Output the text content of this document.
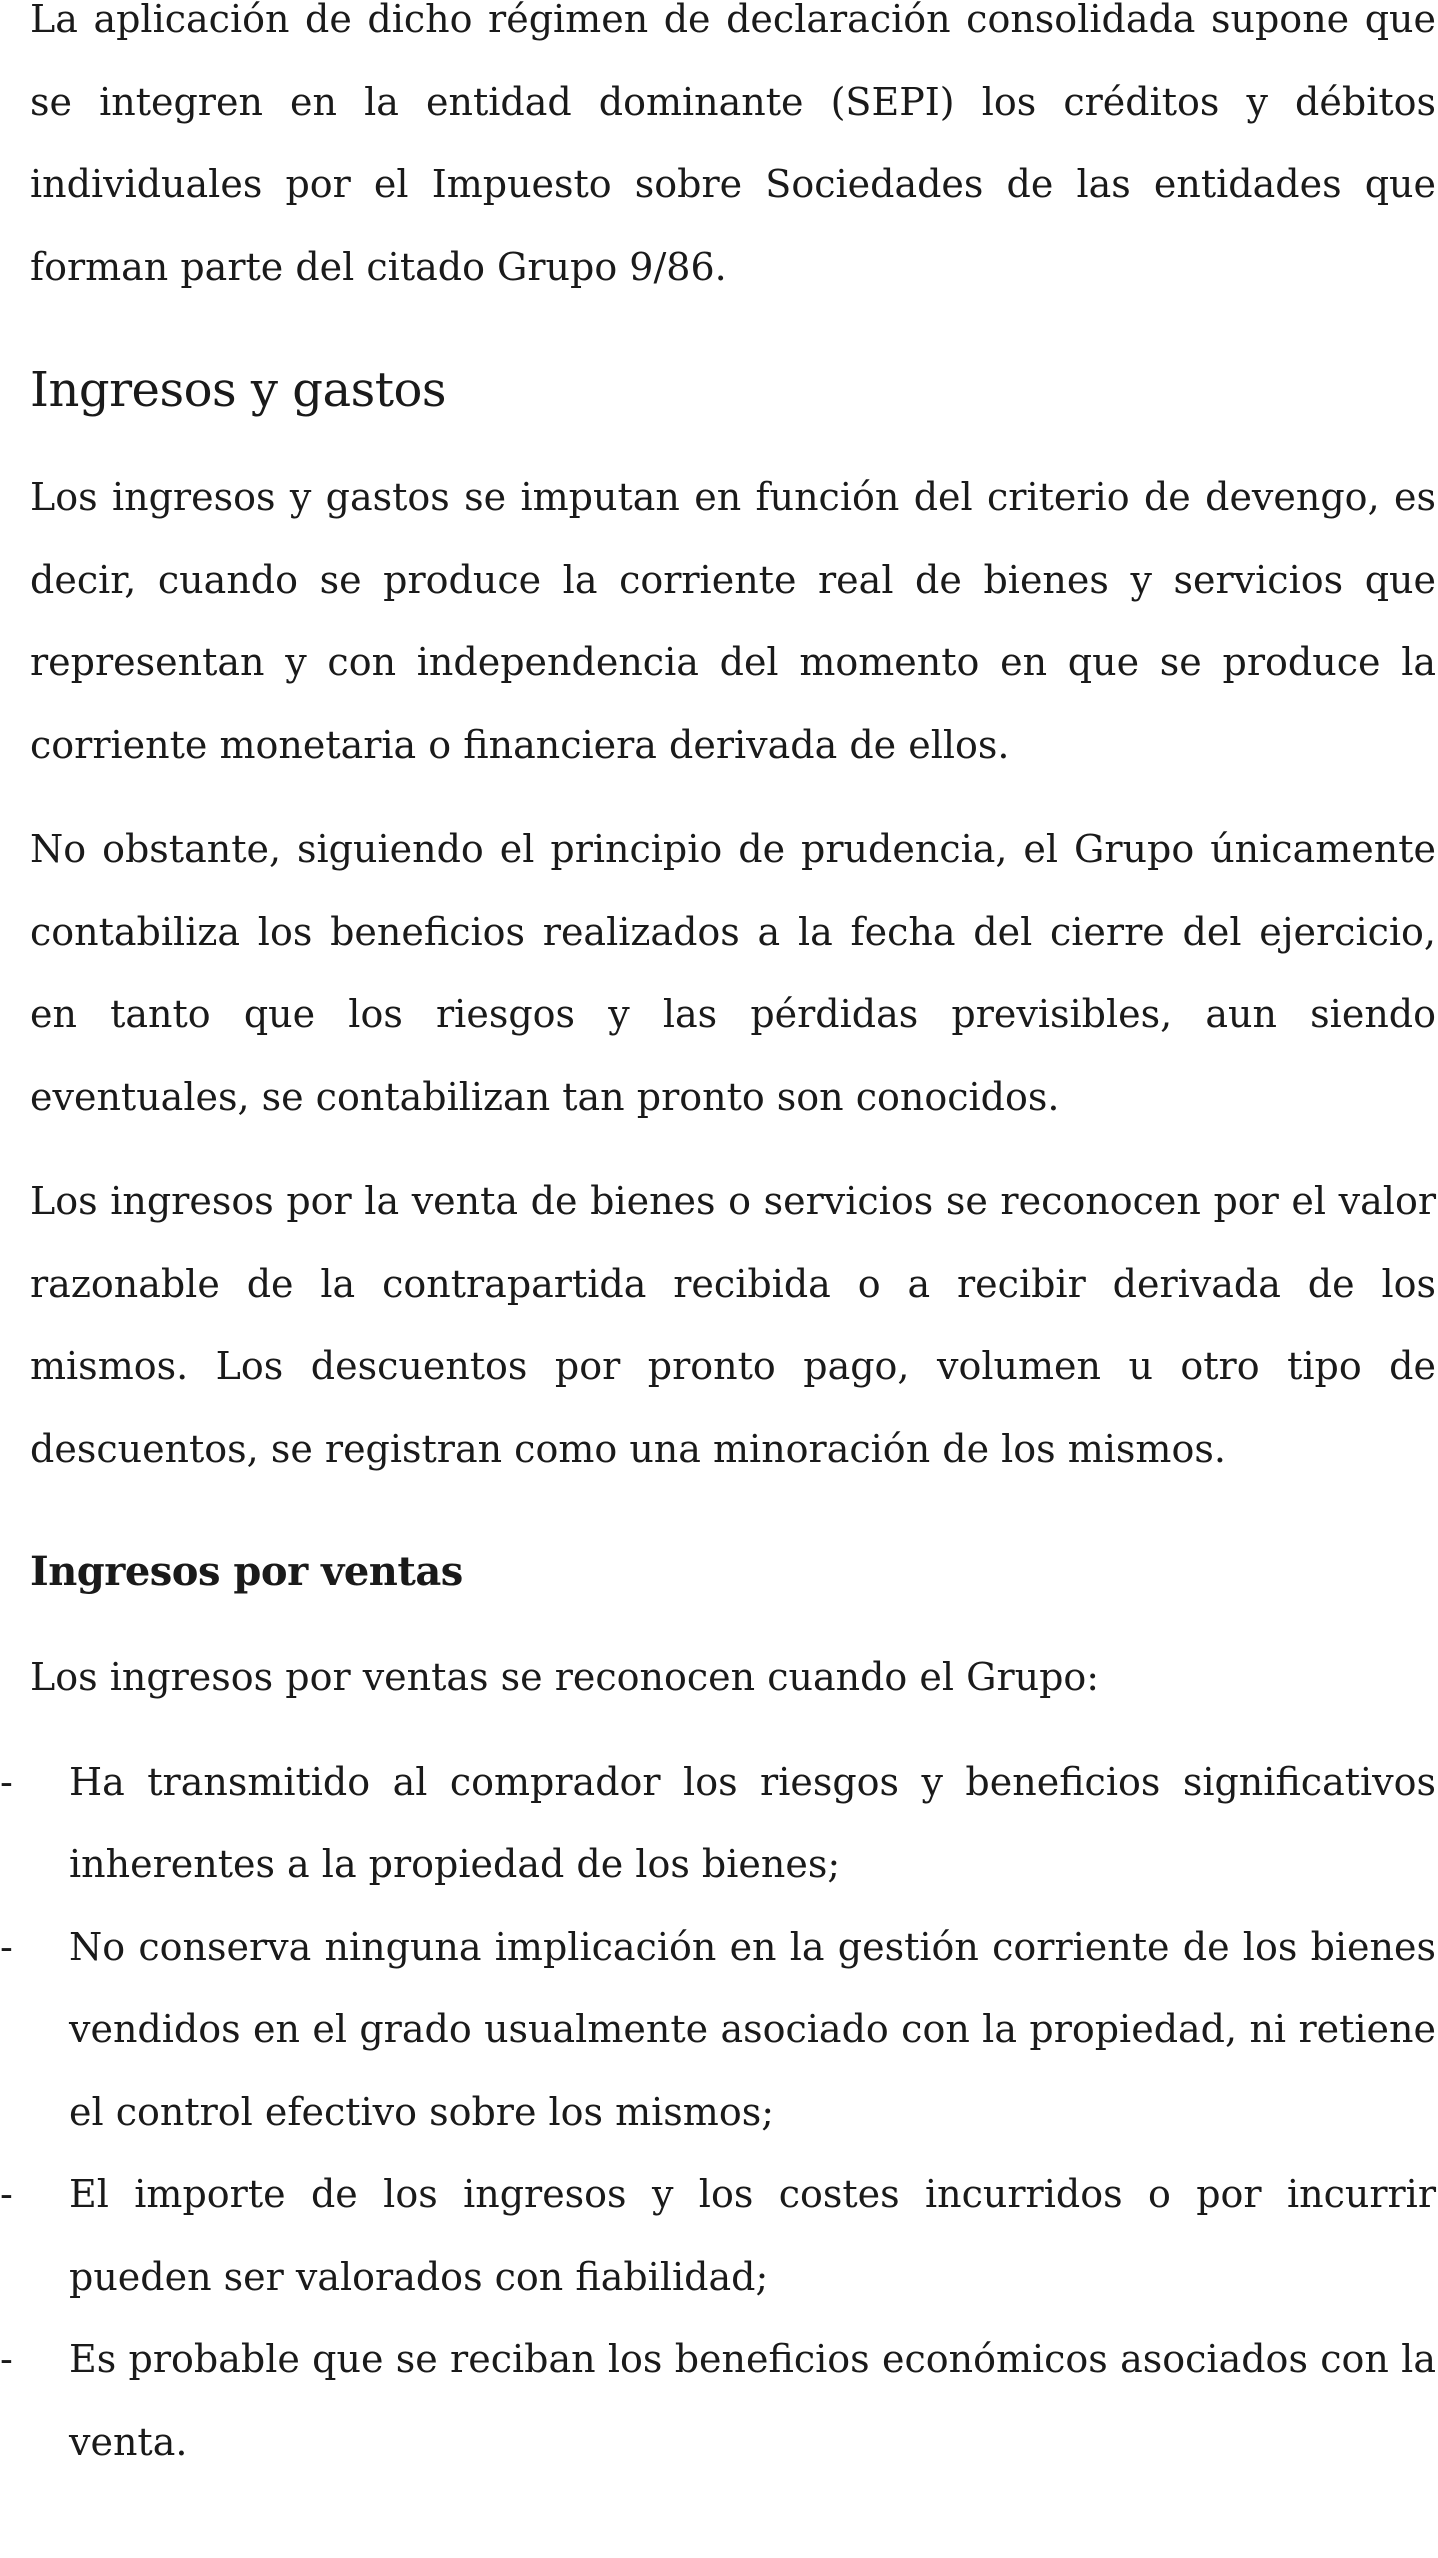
La aplicación de dicho régimen de declaración consolidada supone que se integren en la entidad dominante (SEPI) los créditos y débitos individuales por el Impuesto sobre Sociedades de las entidades que forman parte del citado Grupo 9/86.

Ingresos y gastos

Los ingresos y gastos se imputan en función del criterio de devengo, es decir, cuando se produce la corriente real de bienes y servicios que representan y con independencia del momento en que se produce la corriente monetaria o financiera derivada de ellos.

No obstante, siguiendo el principio de prudencia, el Grupo únicamente contabiliza los beneficios realizados a la fecha del cierre del ejercicio, en tanto que los riesgos y las pérdidas previsibles, aun siendo eventuales, se contabilizan tan pronto son conocidos.

Los ingresos por la venta de bienes o servicios se reconocen por el valor razonable de la contrapartida recibida o a recibir derivada de los mismos. Los descuentos por pronto pago, volumen u otro tipo de descuentos, se registran como una minoración de los mismos.

Ingresos por ventas

Los ingresos por ventas se reconocen cuando el Grupo:

- Ha transmitido al comprador los riesgos y beneficios significativos inherentes a la propiedad de los bienes;
- No conserva ninguna implicación en la gestión corriente de los bienes vendidos en el grado usualmente asociado con la propiedad, ni retiene el control efectivo sobre los mismos;
- El importe de los ingresos y los costes incurridos o por incurrir pueden ser valorados con fiabilidad;
- Es probable que se reciban los beneficios económicos asociados con la venta.
